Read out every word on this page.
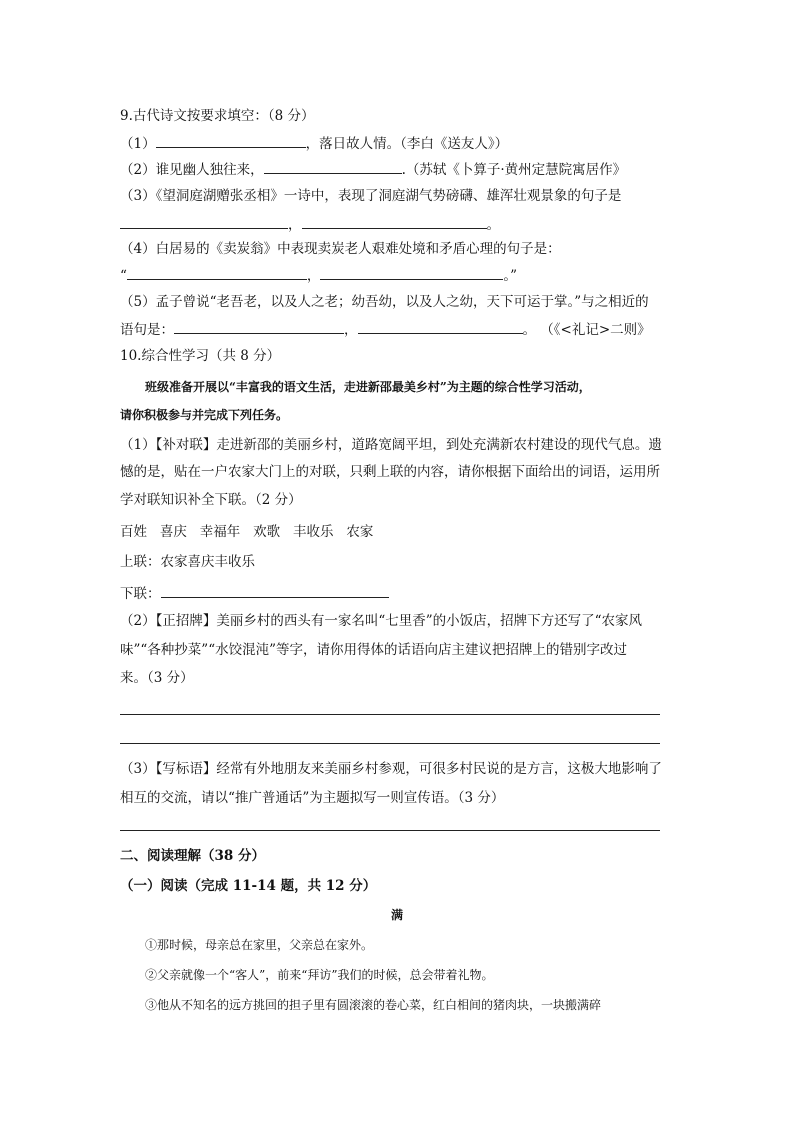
9.古代诗文按要求填空：（8 分）
（1）	，落日故人情。（李白《送友人》）
（2）谁见幽人独往来，	.（苏轼《卜算子·黄州定慧院寓居作》
（3）《望洞庭湖赠张丞相》一诗中，表现了洞庭湖气势磅礴、雄浑壮观景象的句子是
，	。
（4）白居易的《卖炭翁》中表现卖炭老人艰难处境和矛盾心理的句子是：
“	，	。”
（5）孟子曾说“老吾老，以及人之老；幼吾幼，以及人之幼，天下可运于掌。”与之相近的
语句是：	，	。 （《<礼记>二则》
10.综合性学习（共 8 分）
班级准备开展以“丰富我的语文生活，走进新邵最美乡村”为主题的综合性学习活动，
请你积极参与并完成下列任务。
（1）【补对联】走进新邵的美丽乡村，道路宽阔平坦，到处充满新农村建设的现代气息。遗
憾的是，贴在一户农家大门上的对联，只剩上联的内容，请你根据下面给出的词语，运用所
学对联知识补全下联。（2 分）
百姓   喜庆   幸福年   欢歌   丰收乐   农家
上联：农家喜庆丰收乐
下联：
（2）【正招牌】美丽乡村的西头有一家名叫“七里香”的小饭店，招牌下方还写了“农家风
味”“各种抄菜”“水饺混沌”等字，请你用得体的话语向店主建议把招牌上的错别字改过
来。（3 分）
（3）【写标语】经常有外地朋友来美丽乡村参观，可很多村民说的是方言，这极大地影响了
相互的交流，请以“推广普通话”为主题拟写一则宣传语。（3 分）
二、阅读理解（38 分）
（一）阅读（完成 11-14 题，共 12 分）
满
①那时候，母亲总在家里，父亲总在家外。
②父亲就像一个“客人”，前来“拜访”我们的时候，总会带着礼物。
③他从不知名的远方挑回的担子里有圆滚滚的卷心菜，红白相间的猪肉块，一块搬满碎
